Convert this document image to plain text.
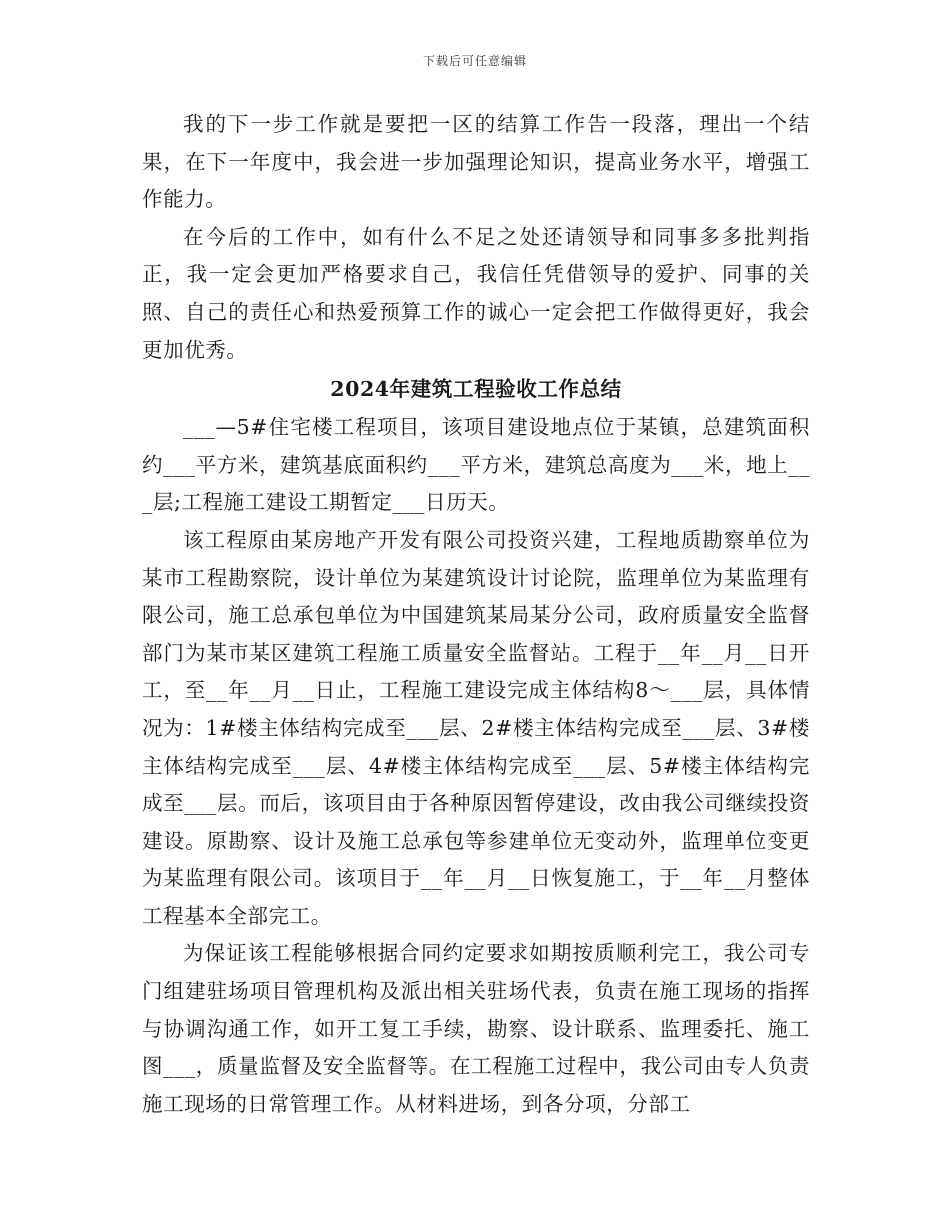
下载后可任意编辑

我的下一步工作就是要把一区的结算工作告一段落，理出一个结果，在下一年度中，我会进一步加强理论知识，提高业务水平，增强工作能力。

在今后的工作中，如有什么不足之处还请领导和同事多多批判指正，我一定会更加严格要求自己，我信任凭借领导的爱护、同事的关照、自己的责任心和热爱预算工作的诚心一定会把工作做得更好，我会更加优秀。

2024年建筑工程验收工作总结

___—5#住宅楼工程项目，该项目建设地点位于某镇，总建筑面积约___平方米，建筑基底面积约___平方米，建筑总高度为___米，地上___层;工程施工建设工期暂定___日历天。

该工程原由某房地产开发有限公司投资兴建，工程地质勘察单位为某市工程勘察院，设计单位为某建筑设计讨论院，监理单位为某监理有限公司，施工总承包单位为中国建筑某局某分公司，政府质量安全监督部门为某市某区建筑工程施工质量安全监督站。工程于__年__月__日开工，至__年__月__日止，工程施工建设完成主体结构8～___层，具体情况为：1#楼主体结构完成至___层、2#楼主体结构完成至___层、3#楼主体结构完成至___层、4#楼主体结构完成至___层、5#楼主体结构完成至___层。而后，该项目由于各种原因暂停建设，改由我公司继续投资建设。原勘察、设计及施工总承包等参建单位无变动外，监理单位变更为某监理有限公司。该项目于__年__月__日恢复施工，于__年__月整体工程基本全部完工。

为保证该工程能够根据合同约定要求如期按质顺利完工，我公司专门组建驻场项目管理机构及派出相关驻场代表，负责在施工现场的指挥与协调沟通工作，如开工复工手续，勘察、设计联系、监理委托、施工图___，质量监督及安全监督等。在工程施工过程中，我公司由专人负责施工现场的日常管理工作。从材料进场，到各分项，分部工
